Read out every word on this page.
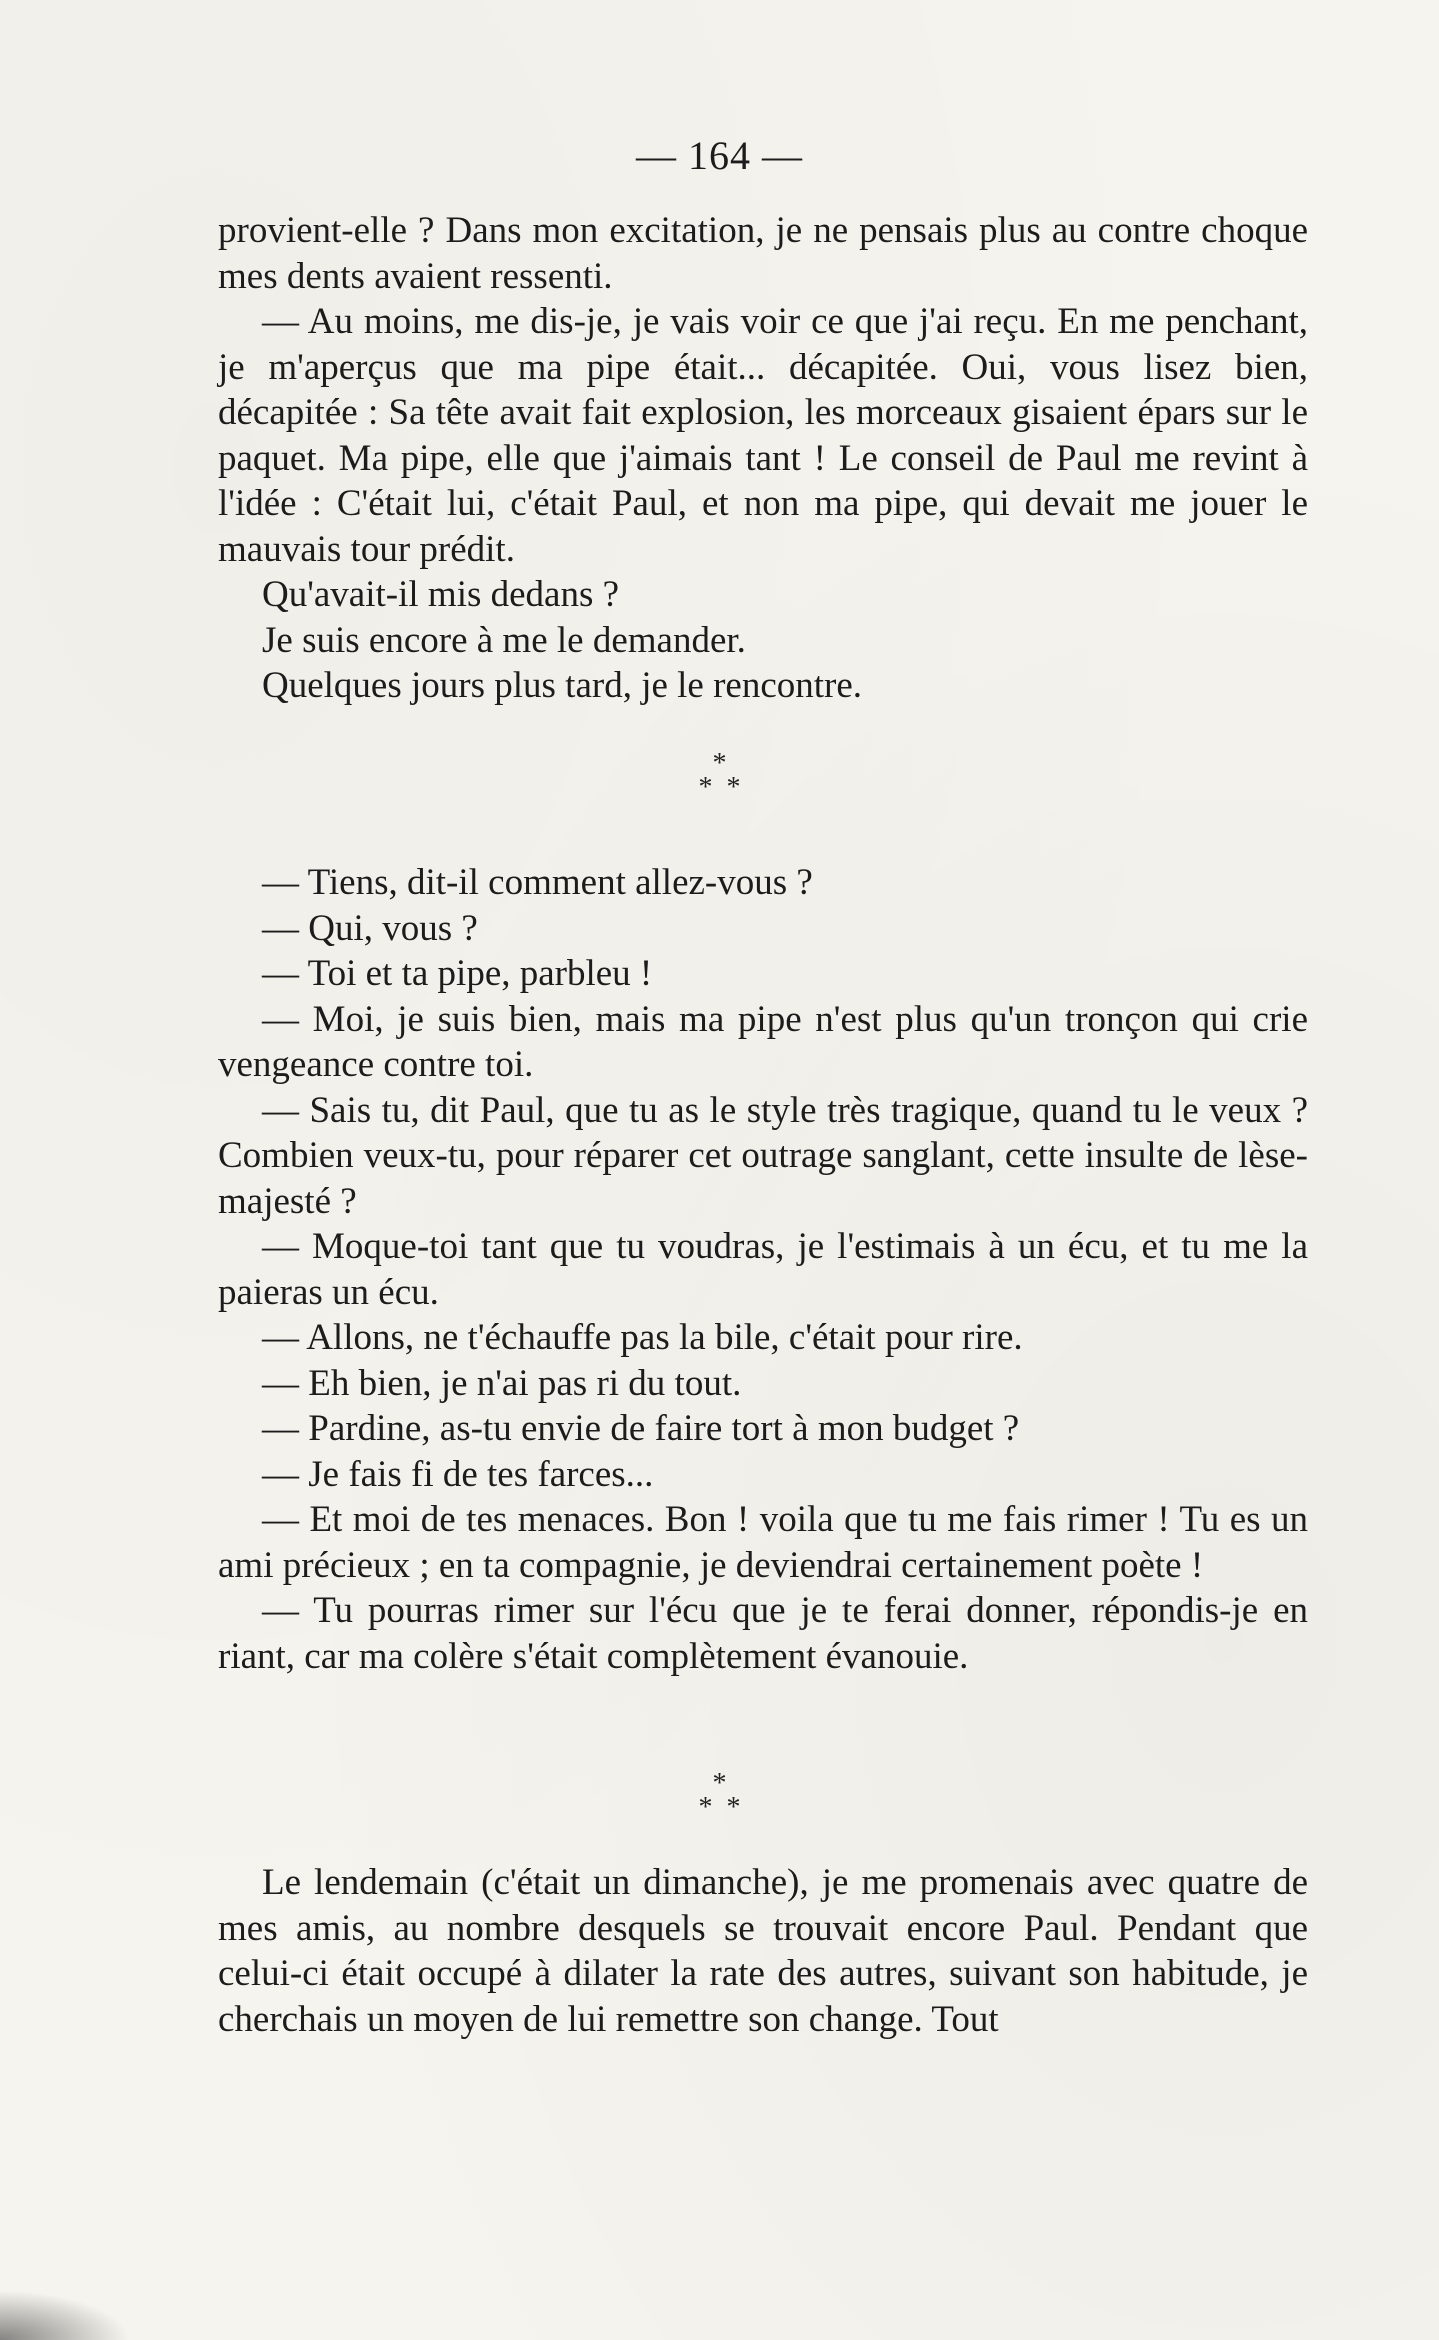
— 164 —

provient-elle ? Dans mon excitation, je ne pensais plus au contre choque mes dents avaient ressenti.

— Au moins, me dis-je, je vais voir ce que j'ai reçu. En me penchant, je m'aperçus que ma pipe était... décapitée. Oui, vous lisez bien, décapitée : Sa tête avait fait explosion, les morceaux gisaient épars sur le paquet. Ma pipe, elle que j'aimais tant ! Le conseil de Paul me revint à l'idée : C'était lui, c'était Paul, et non ma pipe, qui devait me jouer le mauvais tour prédit.

Qu'avait-il mis dedans ?

Je suis encore à me le demander.

Quelques jours plus tard, je le rencontre.

*
**

— Tiens, dit-il comment allez-vous ?

— Qui, vous ?

— Toi et ta pipe, parbleu !

— Moi, je suis bien, mais ma pipe n'est plus qu'un tronçon qui crie vengeance contre toi.

— Sais tu, dit Paul, que tu as le style très tragique, quand tu le veux ? Combien veux-tu, pour réparer cet outrage sanglant, cette insulte de lèse-majesté ?

— Moque-toi tant que tu voudras, je l'estimais à un écu, et tu me la paieras un écu.

— Allons, ne t'échauffe pas la bile, c'était pour rire.

— Eh bien, je n'ai pas ri du tout.

— Pardine, as-tu envie de faire tort à mon budget ?

— Je fais fi de tes farces...

— Et moi de tes menaces. Bon ! voila que tu me fais rimer ! Tu es un ami précieux ; en ta compagnie, je deviendrai certainement poète !

— Tu pourras rimer sur l'écu que je te ferai donner, répondis-je en riant, car ma colère s'était complètement évanouie.

*
**

Le lendemain (c'était un dimanche), je me promenais avec quatre de mes amis, au nombre desquels se trouvait encore Paul. Pendant que celui-ci était occupé à dilater la rate des autres, suivant son habitude, je cherchais un moyen de lui remettre son change. Tout
